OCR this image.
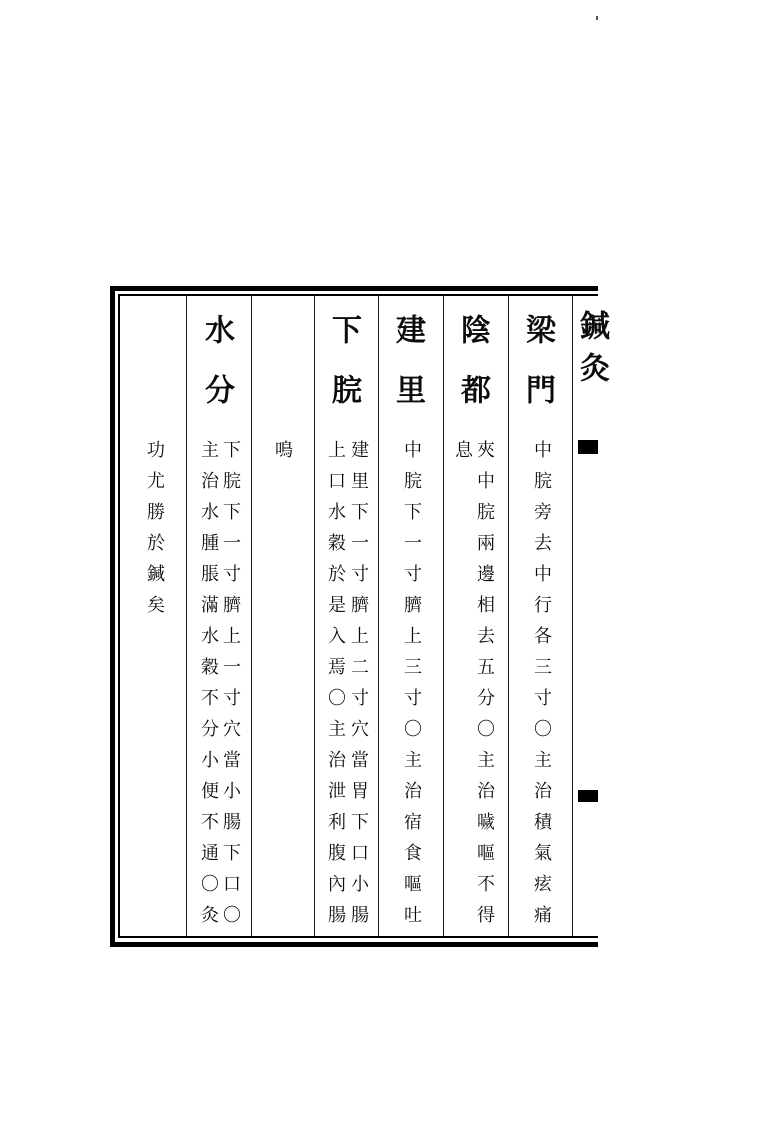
鍼灸
梁門
中脘旁去中行各三寸〇主治積氣痃痛
陰都
夾中脘兩邊相去五分〇主治噦嘔不得
息
建里
中脘下一寸臍上三寸〇主治宿食嘔吐
下脘
建里下一寸臍上二寸穴當胃下口小腸
上口水穀於是入焉〇主治泄利腹內腸
鳴
水分
下脘下一寸臍上一寸穴當小腸下口〇
主治水腫脹滿水穀不分小便不通〇灸
功尤勝於鍼矣
